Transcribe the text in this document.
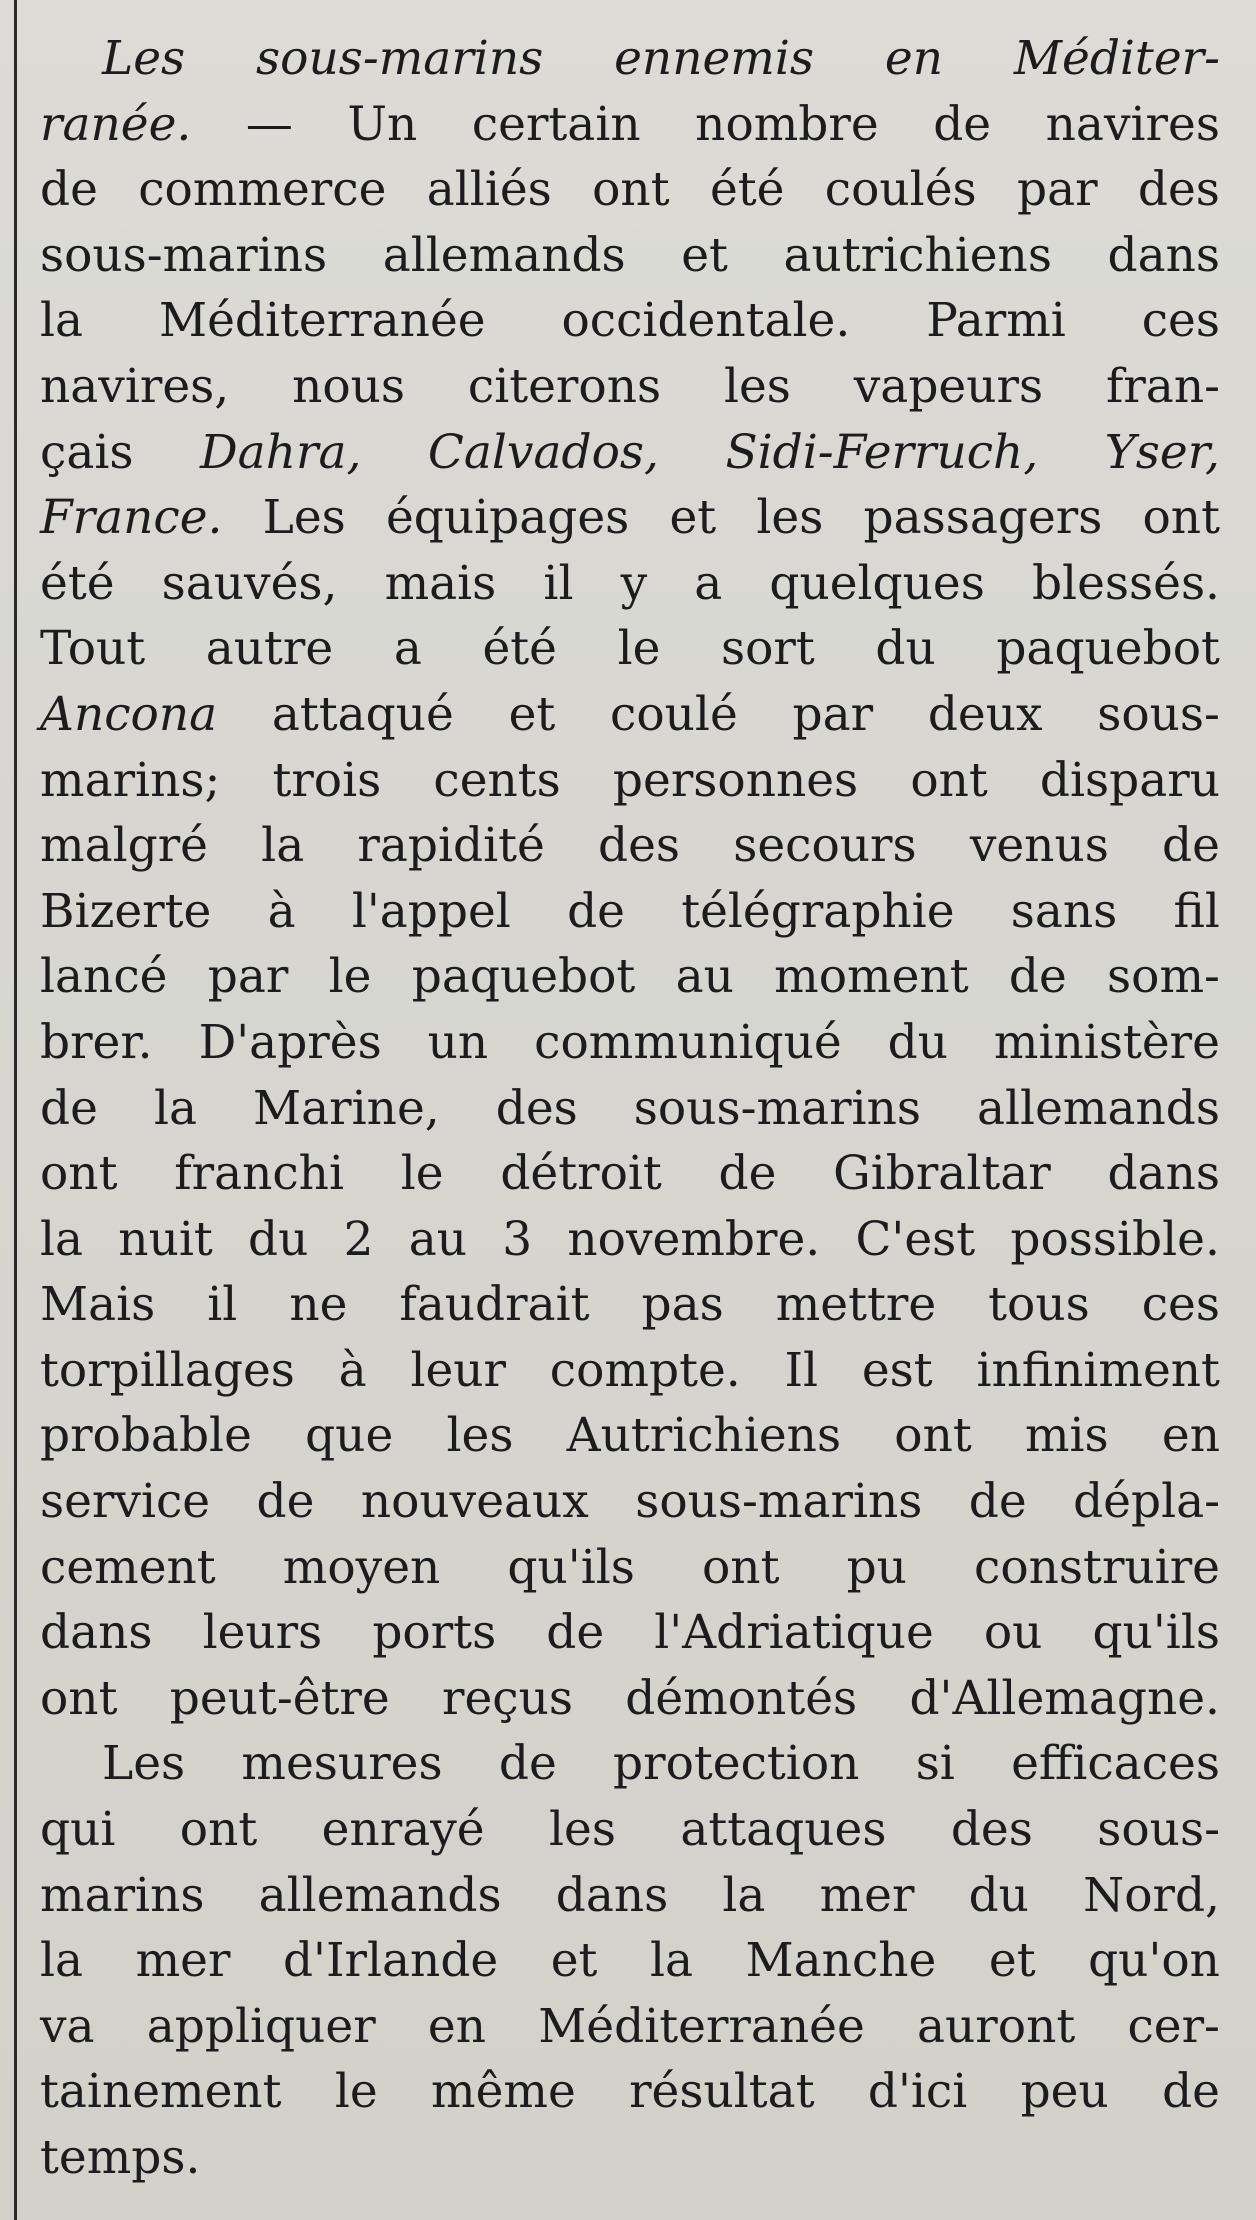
Les sous-marins ennemis en Méditer-
ranée. — Un certain nombre de navires
de commerce alliés ont été coulés par des
sous-marins allemands et autrichiens dans
la Méditerranée occidentale. Parmi ces
navires, nous citerons les vapeurs fran-
çais Dahra, Calvados, Sidi-Ferruch, Yser,
France. Les équipages et les passagers ont
été sauvés, mais il y a quelques blessés.
Tout autre a été le sort du paquebot
Ancona attaqué et coulé par deux sous-
marins; trois cents personnes ont disparu
malgré la rapidité des secours venus de
Bizerte à l'appel de télégraphie sans fil
lancé par le paquebot au moment de som-
brer. D'après un communiqué du ministère
de la Marine, des sous-marins allemands
ont franchi le détroit de Gibraltar dans
la nuit du 2 au 3 novembre. C'est possible.
Mais il ne faudrait pas mettre tous ces
torpillages à leur compte. Il est infiniment
probable que les Autrichiens ont mis en
service de nouveaux sous-marins de dépla-
cement moyen qu'ils ont pu construire
dans leurs ports de l'Adriatique ou qu'ils
ont peut-être reçus démontés d'Allemagne.
Les mesures de protection si efficaces
qui ont enrayé les attaques des sous-
marins allemands dans la mer du Nord,
la mer d'Irlande et la Manche et qu'on
va appliquer en Méditerranée auront cer-
tainement le même résultat d'ici peu de
temps.
